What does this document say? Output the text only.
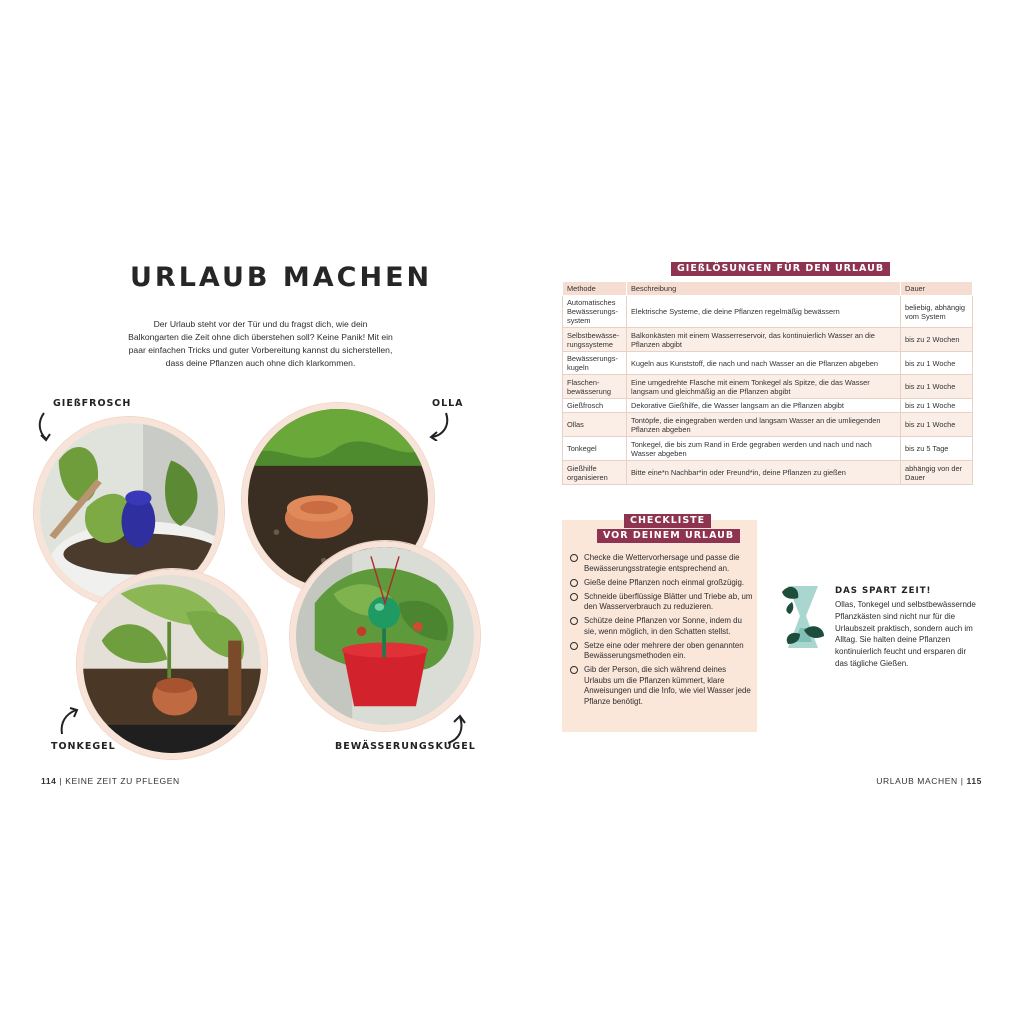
URLAUB MACHEN

Der Urlaub steht vor der Tür und du fragst dich, wie dein Balkongarten die Zeit ohne dich überstehen soll? Keine Panik! Mit ein paar einfachen Tricks und guter Vorbereitung kannst du sicherstellen, dass deine Pflanzen auch ohne dich klarkommen.

GIEßFROSCH	OLLA
TONKEGEL	BEWÄSSERUNGSKUGEL
114 | KEINE ZEIT ZU PFLEGEN
GIEßLÖSUNGEN FÜR DEN URLAUB
Methode	Beschreibung	Dauer
Automatisches Bewässerungssystem	Elektrische Systeme, die deine Pflanzen regelmäßig bewässern	beliebig, abhängig vom System
Selbstbewässerungssysteme	Balkonkästen mit einem Wasserreservoir, das kontinuierlich Wasser an die Pflanzen abgibt	bis zu 2 Wochen
Bewässerungskugeln	Kugeln aus Kunststoff, die nach und nach Wasser an die Pflanzen abgeben	bis zu 1 Woche
Flaschenbewässerung	Eine umgedrehte Flasche mit einem Tonkegel als Spitze, die das Wasser langsam und gleichmäßig an die Pflanzen abgibt	bis zu 1 Woche
Gießfrosch	Dekorative Gießhilfe, die Wasser langsam an die Pflanzen abgibt	bis zu 1 Woche
Ollas	Tontöpfe, die eingegraben werden und langsam Wasser an die umliegenden Pflanzen abgeben	bis zu 1 Woche
Tonkegel	Tonkegel, die bis zum Rand in Erde gegraben werden und nach und nach Wasser abgeben	bis zu 5 Tage
Gießhilfe organisieren	Bitte eine*n Nachbar*in oder Freund*in, deine Pflanzen zu gießen	abhängig von der Dauer
CHECKLISTE
VOR DEINEM URLAUB
Checke die Wettervorhersage und passe die Bewässerungsstrategie entsprechend an.
Gieße deine Pflanzen noch einmal großzügig.
Schneide überflüssige Blätter und Triebe ab, um den Wasserverbrauch zu reduzieren.
Schütze deine Pflanzen vor Sonne, indem du sie, wenn möglich, in den Schatten stellst.
Setze eine oder mehrere der oben genannten Bewässerungsmethoden ein.
Gib der Person, die sich während deines Urlaubs um die Pflanzen kümmert, klare Anweisungen und die Info, wie viel Wasser jede Pflanze benötigt.
DAS SPART ZEIT!

Ollas, Tonkegel und selbstbewässernde Pflanzkästen sind nicht nur für die Urlaubszeit praktisch, sondern auch im Alltag. Sie halten deine Pflanzen kontinuierlich feucht und ersparen dir das tägliche Gießen.

URLAUB MACHEN | 115
